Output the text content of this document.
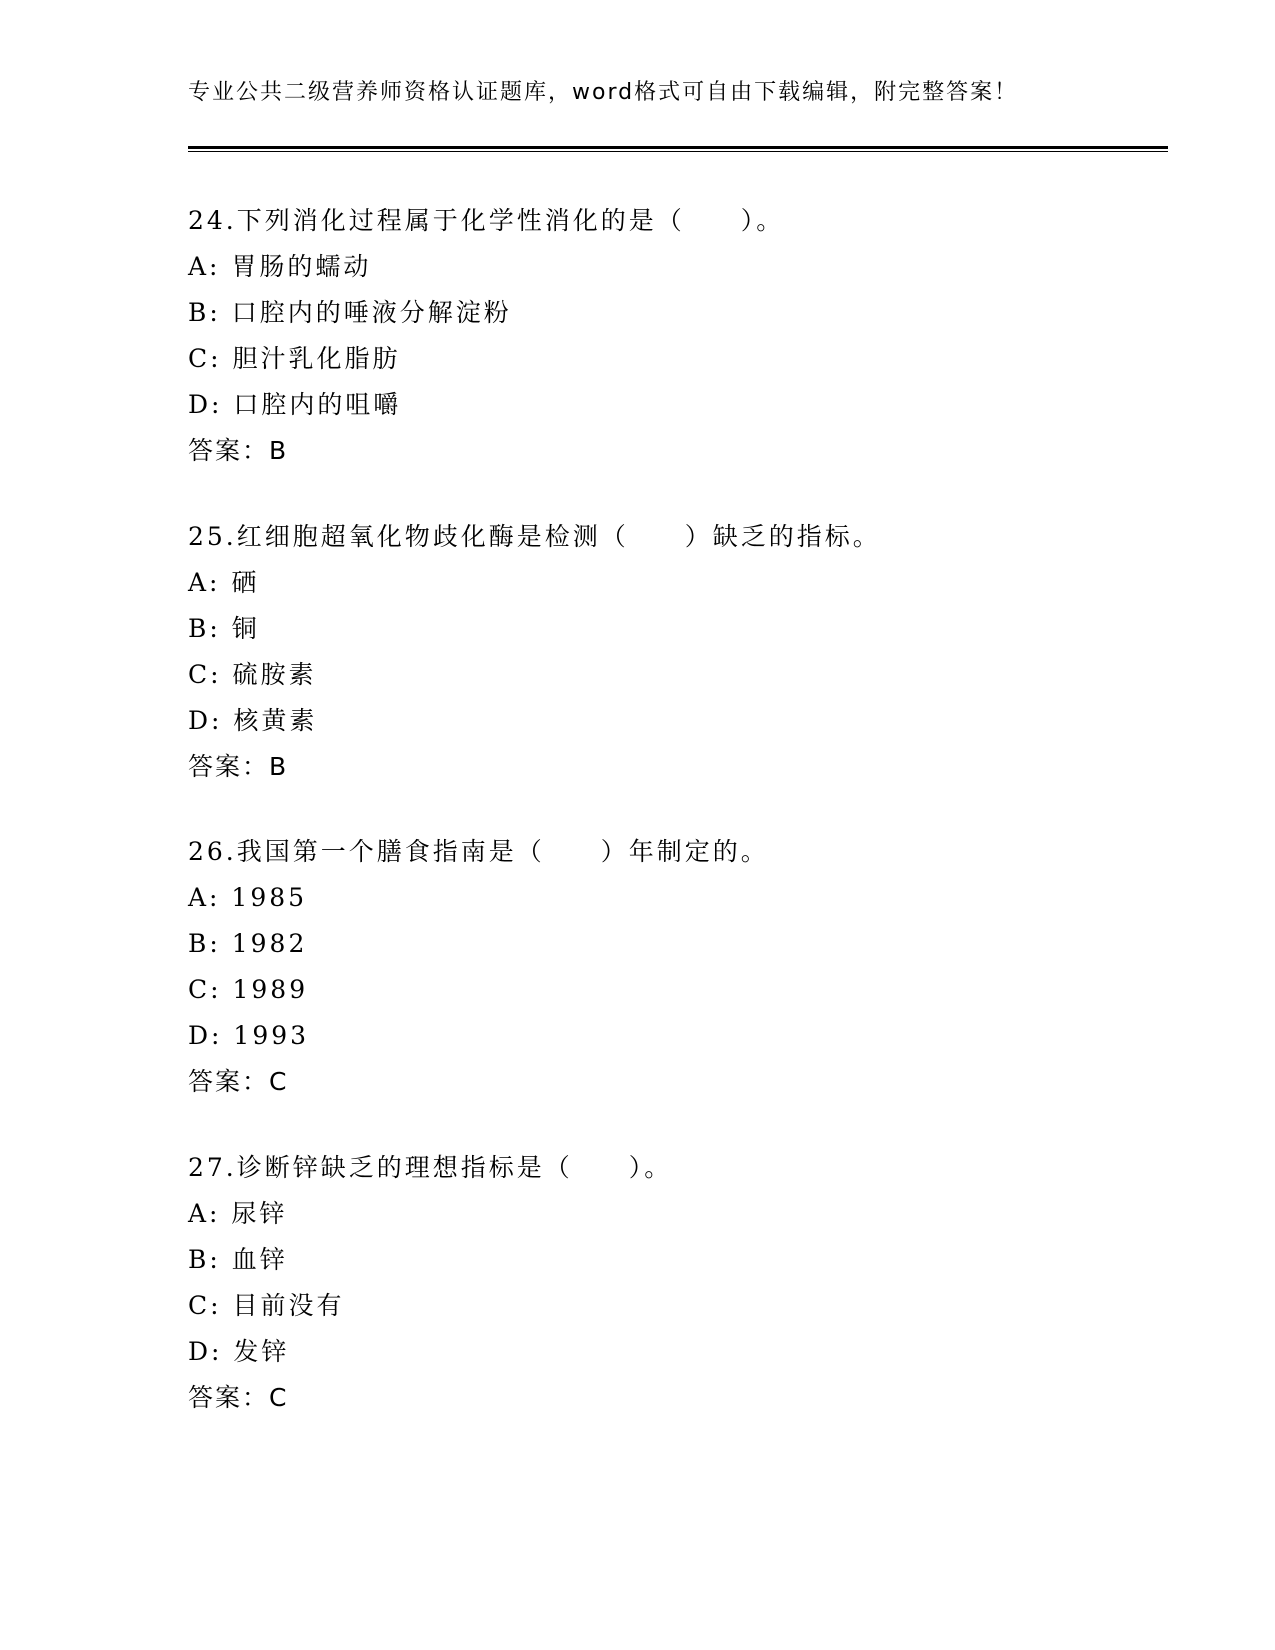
专业公共二级营养师资格认证题库，word格式可自由下载编辑，附完整答案！
24.下列消化过程属于化学性消化的是（　　）。
A: 胃肠的蠕动
B: 口腔内的唾液分解淀粉
C: 胆汁乳化脂肪
D: 口腔内的咀嚼
答案：B
25.红细胞超氧化物歧化酶是检测（　　）缺乏的指标。
A: 硒
B: 铜
C: 硫胺素
D: 核黄素
答案：B
26.我国第一个膳食指南是（　　）年制定的。
A: 1985
B: 1982
C: 1989
D: 1993
答案：C
27.诊断锌缺乏的理想指标是（　　）。
A: 尿锌
B: 血锌
C: 目前没有
D: 发锌
答案：C
